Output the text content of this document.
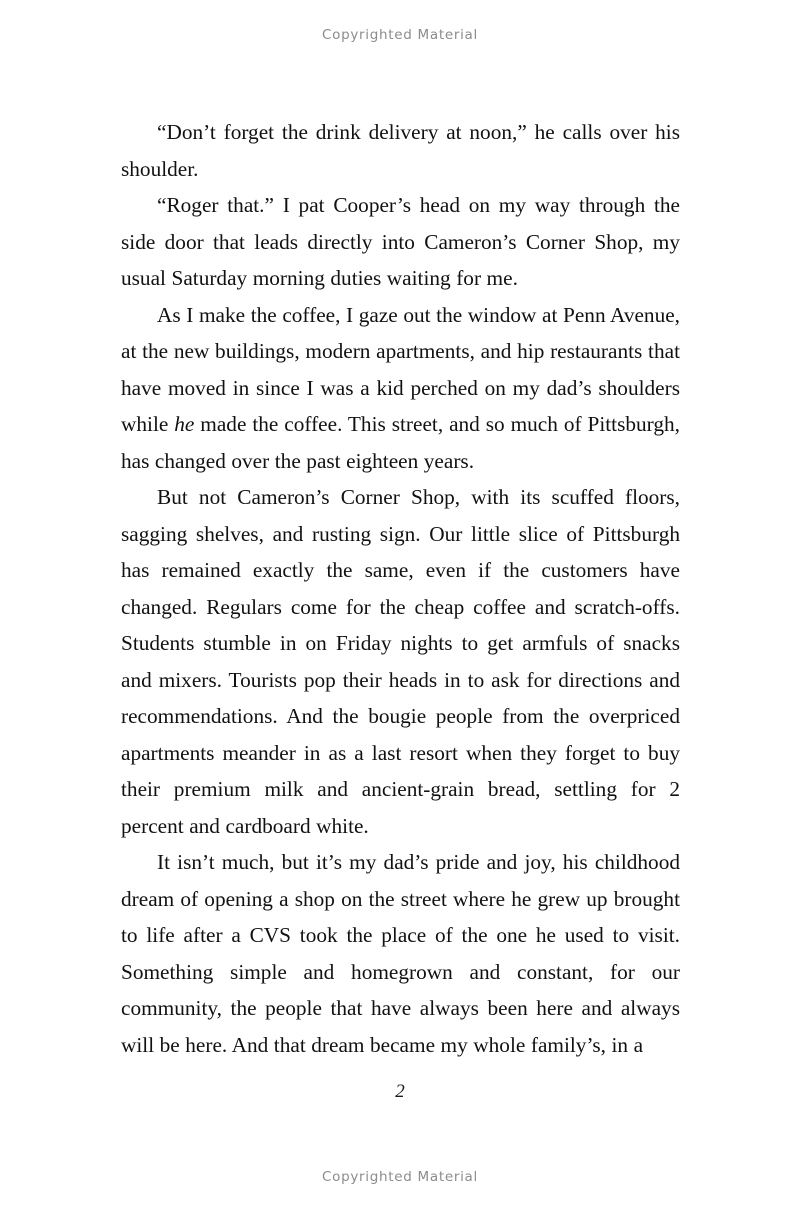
Copyrighted Material

“Don’t forget the drink delivery at noon,” he calls over his shoulder.

“Roger that.” I pat Cooper’s head on my way through the side door that leads directly into Cameron’s Corner Shop, my usual Saturday morning duties waiting for me.

As I make the coffee, I gaze out the window at Penn Avenue, at the new buildings, modern apartments, and hip restaurants that have moved in since I was a kid perched on my dad’s shoulders while he made the coffee. This street, and so much of Pittsburgh, has changed over the past eighteen years.

But not Cameron’s Corner Shop, with its scuffed floors, sagging shelves, and rusting sign. Our little slice of Pittsburgh has remained exactly the same, even if the customers have changed. Regulars come for the cheap coffee and scratch-offs. Students stumble in on Friday nights to get armfuls of snacks and mixers. Tourists pop their heads in to ask for directions and recommendations. And the bougie people from the overpriced apartments meander in as a last resort when they forget to buy their premium milk and ancient-grain bread, settling for 2 percent and cardboard white.

It isn’t much, but it’s my dad’s pride and joy, his childhood dream of opening a shop on the street where he grew up brought to life after a CVS took the place of the one he used to visit. Something simple and homegrown and constant, for our community, the people that have always been here and always will be here. And that dream became my whole family’s, in a

2
Copyrighted Material
